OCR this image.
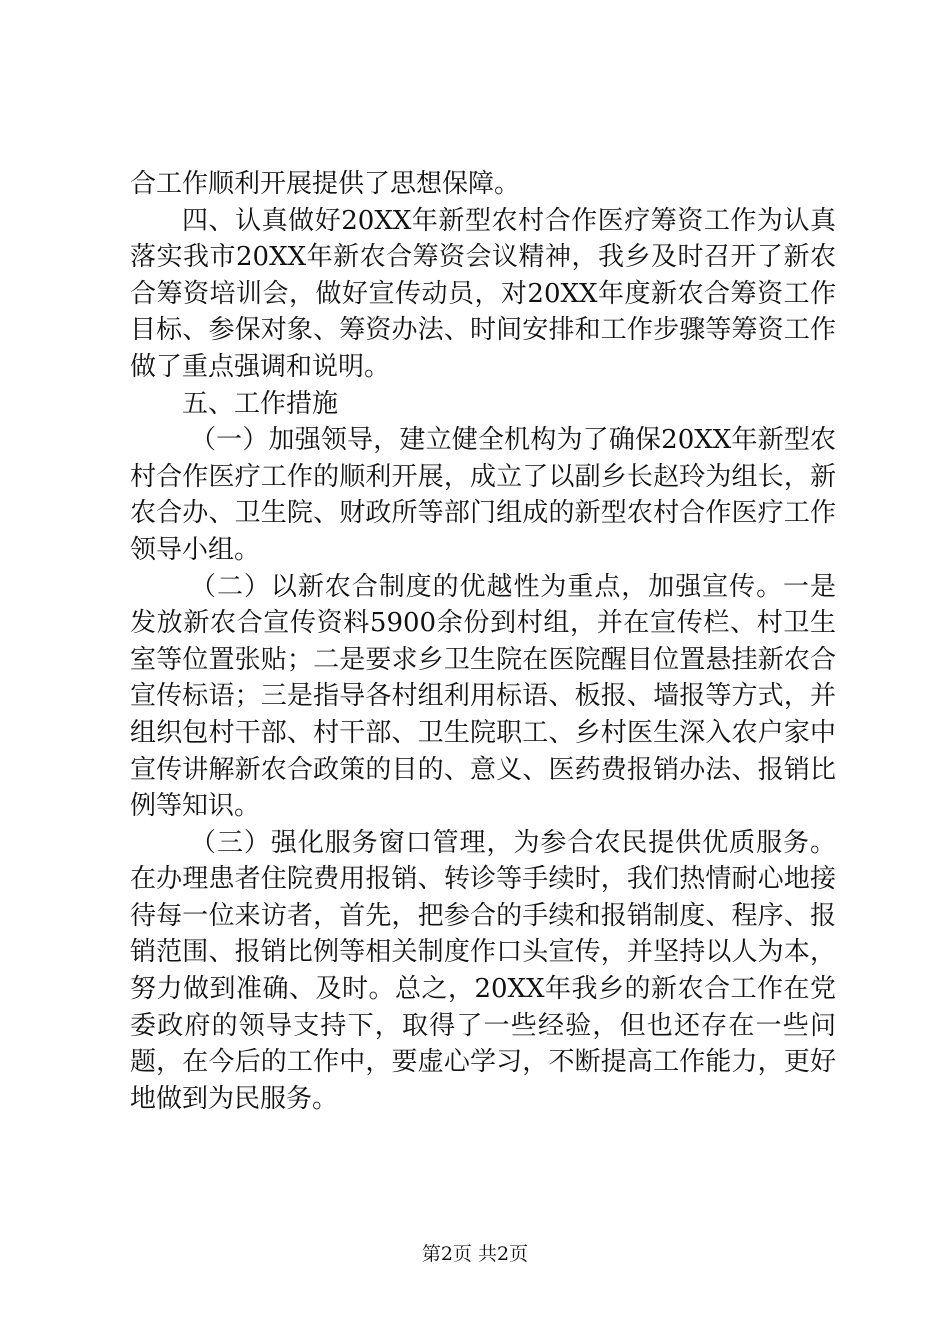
合工作顺利开展提供了思想保障。

四、认真做好20XX年新型农村合作医疗筹资工作为认真落实我市20XX年新农合筹资会议精神，我乡及时召开了新农合筹资培训会，做好宣传动员，对20XX年度新农合筹资工作目标、参保对象、筹资办法、时间安排和工作步骤等筹资工作做了重点强调和说明。

五、工作措施

（一）加强领导，建立健全机构为了确保20XX年新型农村合作医疗工作的顺利开展，成立了以副乡长赵玲为组长，新农合办、卫生院、财政所等部门组成的新型农村合作医疗工作领导小组。

（二）以新农合制度的优越性为重点，加强宣传。一是发放新农合宣传资料5900余份到村组，并在宣传栏、村卫生室等位置张贴；二是要求乡卫生院在医院醒目位置悬挂新农合宣传标语；三是指导各村组利用标语、板报、墙报等方式，并组织包村干部、村干部、卫生院职工、乡村医生深入农户家中宣传讲解新农合政策的目的、意义、医药费报销办法、报销比例等知识。

（三）强化服务窗口管理，为参合农民提供优质服务。在办理患者住院费用报销、转诊等手续时，我们热情耐心地接待每一位来访者，首先，把参合的手续和报销制度、程序、报销范围、报销比例等相关制度作口头宣传，并坚持以人为本，努力做到准确、及时。总之，20XX年我乡的新农合工作在党委政府的领导支持下，取得了一些经验，但也还存在一些问题，在今后的工作中，要虚心学习，不断提高工作能力，更好地做到为民服务。

第2页 共2页
